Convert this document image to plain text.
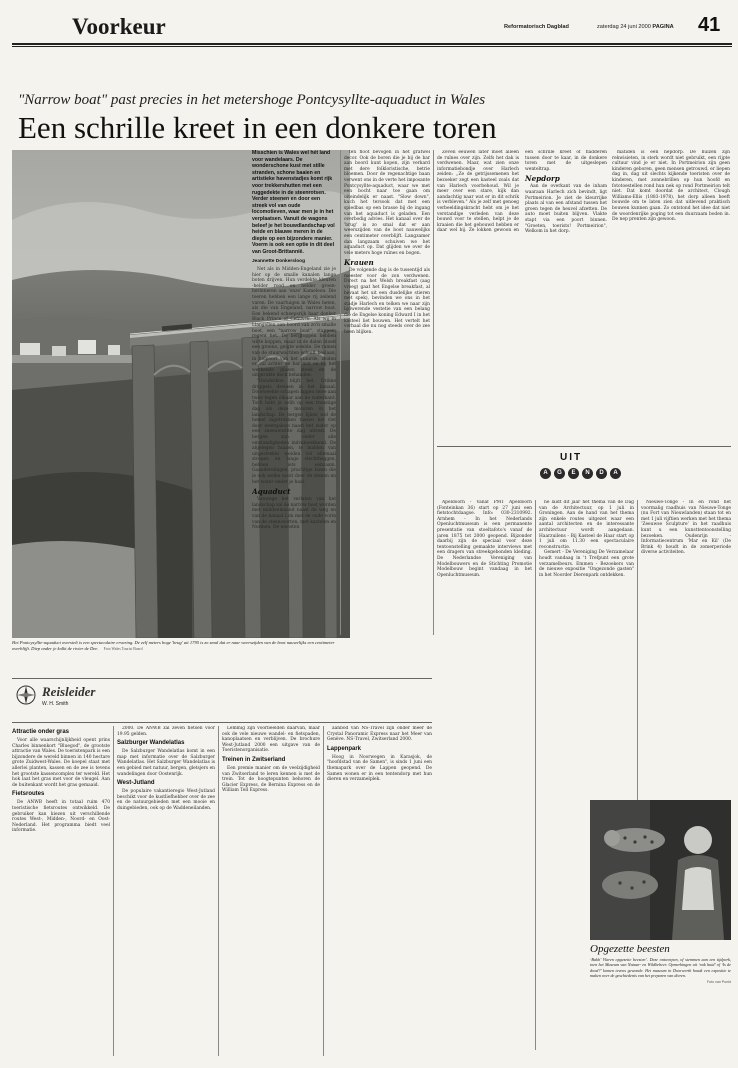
Voorkeur	Reformatorisch Dagblad	zaterdag 24 juni 2000 PAGINA 41
"Narrow boat" past precies in het metershoge Pontcysyllte-aquaduct in Wales
Een schrille kreet in een donkere toren
Het Pontcysyllte-aquaduct overstelt is een spectaculaire ervaring. De zelf meters hoge 'brug' uit 1795 is zo smal dat er naar weerszijden van de boot nauwelijks een centimeter overblijft. Diep onder je kolkt de rivier de Dee. Foto Wales Tourist Board
Misschien is Wales wel hét land voor wandelaars. De wonderschone kust met stille stranden, schone baaien en artistieke havenstadjes komt rijk voor trekkershutten met een ruggedekte in de steenrotsen. Verder steenen en door een streek vol van oude locomotieven, waar men je in het verplaatsen. Vanuit de wagons beleef je het bouwdlandschap vol heide en blauwe meren in de diepte op een bijzondere manier. Voerm is ook een optie in dit deel van Groot-Brittannië.
Jeannette Donkersloog

Net als in Midden-Engeland zie je hier op de smalle kanalen lange boten drijven. Hun verdekte kleuren -helder rood en helder groen- herinneren aan 'onze' Kameleon. Die toeren hebben een lange rij zeilend varen. De vaartuigen in Wales heten, als die van Engeland, narrow boat. Een bekend scheepsrijk haar donker Black Prince of Cefnwck. Als wij in Llangollen aan boord van zo'n smalle boot, een "narrow boat", stappen, regent het. De bergtoppen hebben witte koppen, maar in de dalen bloeit een groene, geigte weelde. De ramen van de stuurwachten schuift beslaan, in helpoort van het stuurde, zeiden er stil achter de bar met en bij het werkende glazen steek en de uitgerukte deck behanden.

"Donderbon blijft het. Drikke druppels dreinen in het kanaal. Doorweekte schapen liggen twee aan twee tegen elkaar aan de waterkant. Toch hebt je zelfs op een troostige dag als deze motoren in het landschap. De bergen lijken wel de hemel ingetrokken tussen het riet door weergaloos naast het water op een sneeuwwitte dag uitrest. De bergen zijn onder alle omstandigheden indrukwekkend. De afgelegen huizen, te midden van uitgestrekte weiden vol allemaal strepen en lange vlechtheggen, hebben iets eenzaam. Gaanderelingen, prachtige lanen die je ook welke nooit door de stenen en het water onder je haal.

Aquaduct

Vanwege het verlaten van het landschap zal de narrow boot worden met middenmaand naast de weg en van de kanaal Lim met de oude vorm van de steensoorten, met kastelen en Normen. De meesten

ten floot bevogen in het gratwel decor. Ook de boren die je bij de bar aan boord kunt kopen, zijn verkard met dere folkloristische, betrie bloemen. Door de regenachtige baan verwent ons in de verte het imposante Pontcysyllte-aquaduct, waar we met een bocht naar toe gaan om uiteindelijk er naast. "Slow down", kuch het tersook dat met een spiedbas op een brasse bij de ingang van het aquaduct is geladen. Een overbodig advies. Het kanaal over de 'brug' is zo smal dat er aan weerszijden van de boot nauwelijks een centimeter overblijft. Langzamer dan langzaam schuiven we het aquaduct op. Dat glijden we over de vele meters hoge ruïnes en bogen.

Krauen

De volgende dag is de tussentijd als meester voor de zon verdwenen. Direct na het Welsh breakfast (aag vroeg) gaat het Engelse breakfast, al bevaat het uit een dusdelijke stieren met spek), bevinden we ons in het stadje Harlech en telken we naar zijn lijdwerende vestetie van een belang die de Engelse koning Edward I in het kasteel liet bouwen. Het vertelt het verhaal die nu nog steeds over de zee heen blijken.

Zeven eeuwen later moet alleen de ruïnes over zijn. Zelfs het dak is verdwenen. Maar, wat zien onze informatiebondje over Harlech zeiden: ,,Ze de getrijssemenen het bezoeker zegt een kasteel zoals dat van Harlech voorbehoud. Wil je meer over een stare, kijk dan aandachtig naar wat er in dit schrik is verbleven." Als je zelf met genoeg verbeeldingskracht hebt om je het verstandige verleden van deze bouwd voor te stellen, helpt je de kraaien die het gebouwd hebben er daar wel bij. Ze lokken gewoon en een schrille kreet of fladderen tussen door te kaar, in de donkere toren met de uitgeslepen wenteltrap.

Nepdorp

Aan de overkant van de inham waaraan Harlech zich bevindt, ligt Portmeirion. Je ziet de kleurrijke plaats al van een afstand tussen het groen tegen de heuvel afzetten. De auto moet buiten blijven. Vlakte stapt via een poort binnen. "Groeten, toerists! Portmeirion", Welkom in het dorp.

matiden is een nepdorp. De huizen zijn rekwisieten, in sterk wordt niet gebruikt, een rijpte cultuur vind je er niet. In Portmeirion zijn geen kinderen geboren, geen mensen getrouwd, er liepen dag in, dag uit slechts kijkende toeristen over de kinderen, met zonnebrillen op hun hoofd en fototoestellen rond hun nek op rond Portmeirion telt niet. Dat komt doordat de architect, Clough Williams-Ellis (1883-1978), het dorp alleen heeft bouwde om te laten zien dat uitlevend praktisch bouwen kunnen gaan. Zo ontstond het idee dat niet de woordenrijke poging tot een duurzaam boden in. De nep prenten zijn gewoon.

UIT
A	G	E	N	D	A

Apeldoorn - Vanaf PMT Apeldoorn (Fonteinkan 36) start op 27 juni een fietstochtdaagse. Info: 030-2310992. Arnhem - In het Nederlands Openluchtmuseum is een permanente presentatie van stoeltafoto's vanaf de jaren 1875 tot 2000 geopend. Bijzonder daarbij zijn de speciaal voor deze tentoonstelling gemaakte interviews met een dragers van streekgebonden kleding. De Nederlandse Vereniging van Modelbouwers en de Stichting Promotie Modelbouw begint vandaag in het Openluchtmuseum.

ne laidt dit jaar het thema van de Dag van de Architectuur, op 1 juli in Groningen. Aan de hand van het thema zijn enkele routes uitgezet waar een aantal architecten en de interessante architectuur wordt aangedaan. Haarzuilens - Bij Kasteel de Haar start op 1 juli om 11.30 een spectaculaire reconstructie.

Gemert - De Vereniging De Verzamelaar houdt vandaag in 't Trefpunt een grote verzamelbeurs. Emmen - Bezoekers van de nieuwe expositie "Ongezonde gasten" in het Noorder Dierenpark ontdekken.

Nieuwe-Tonge - In en rond het voormalig raadhuis van Nieuwe-Tonge (nu Fort van Nieuwlanden) staan tot en met 1 juli vijftien werken met het thema ‘Zeeuwse Sculpture’ in het raadhuis kunt u een kunsttentoonstelling bezoeken. Oudenrijn - Informatiecentrum ‘Mar en Kil’ (De Brink 4) houdt in de zomerperiode diverse activiteiten.

Opgezette beesten
‘Bakh’ Vlaren opgezette beesten’. Deze ontworpen, of stemmen aan een tijdperk, toen het Museum van Natuur- en Wildbeheer. Opmerkingen uit ‘ook huid’ of ‘Is de dood?’ komen tevens gewonde. Het museum in Doorwerth houdt een expositie te maken over de geschiedenis van het preparen van dieren.
Foto van Punkt
Reisleider
W. H. Smith
Attractie onder gras

Voor alle waarschijnlijkheid opent prins Charles binnenkort "Bluegod", de grootste attractie van Wales. De toeristenpark is een bijzondere de wereld binnen in 140 hectare grote Zuidwest-Wales. De koepel staat met allerlei planten, kassen en de zee is tevens het grootste kassencomplex ter wereld. Het hok laat het gras met voor de vleugel. Aan de buitenkant wordt het gras gemaaid.

Fietsroutes

De ANWB heeft in totaal ruim 470 toeristische fietsroutes ontwikkeld. De gebruiker kan kiezen uit verschillende routes West-, Midden-, Noord- en Oost-Nederland. Het programma biedt veel informatie.

2000. De ANWB zal zeven fietsen voor 19.95 gelden.

Salzburger Wandelatlas

De Salzburger Wandelatlas komt in een map met informatie over de Salzburger Wandelatlas. Het Salzburger Wandelatlas is een gebied met natuur, bergen, gletsjers en wandelingen door Oostenrijk.

West-Jutland

De populaire vakantieregio West-Jutland beschikt voor de kustliefhebber over de zee en de natuurgebieden met een mooie en duingebieden, ook op de Waddeneilanden.

Lemmig zijn voorbeelden daarvan, maar ook de vele nieuwe wandel- en fietspaden, kanoplaatsen en verblijven. De brochure West-Jutland 2000 een uitgave van de Toeristenorganisatie.

Treinen in Zwitserland

Een premie manier om de veelzijdigheid van Zwitserland te leren kennen is met de trein. Tot de hoogtepunten behoren de Glacier Express, de Bernina Express en de William Tell Express.

aanbod van NS-Travel zijn onder meer de Crystal Panoramic Express naar het Meer van Genève. NS-Travel, Zwitserland 2000.

Lappenpark

Hoog in Noorwegen in Karasjok, de "hoofdstad van de Samen", is sinds 1 juni een themapark over de Lappen geopend. De Samen wonen er in een tentendorp met hun dieren en verzamelplek.
